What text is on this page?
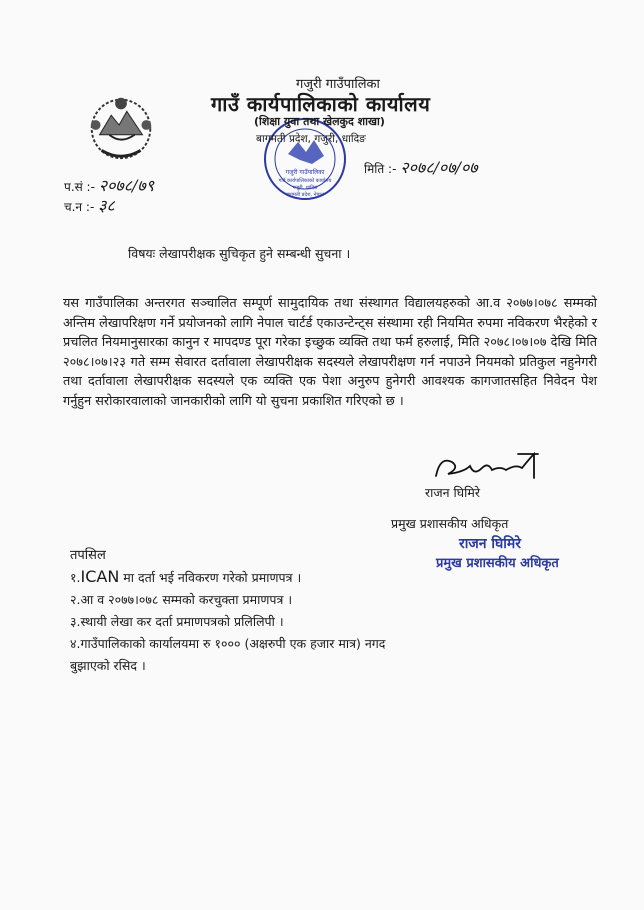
गजुरी गाउँपालिका
गाउँ कार्यपालिकाको कार्यालय
गजुरी, धादिङ
बागमती प्रदेश, नेपाल
गजुरी गाउँपालिका
गाउँ कार्यपालिकाको कार्यालय
(शिक्षा युवा तथा खेलकुद शाखा)
बागमती प्रदेश, गजुरी, धादिङ
प.सं :- २०७८/७९
च.न :- ३८
मिति :- २०७८/०७/०७
विषयः लेखापरीक्षक सुचिकृत हुने सम्बन्धी सुचना ।
यस गाउँपालिका अन्तरगत सञ्चालित सम्पूर्ण सामुदायिक तथा संस्थागत विद्यालयहरुको आ.व २०७७।०७८ सम्मको अन्तिम लेखापरिक्षण गर्ने प्रयोजनको लागि नेपाल चार्टर्ड एकाउन्टेन्ट्स संस्थामा रही नियमित रुपमा नविकरण भैरहेको र प्रचलित नियमानुसारका कानुन र मापदण्ड पूरा गरेका इच्छुक व्यक्ति तथा फर्म हरुलाई, मिति २०७८।०७।०७ देखि मिति २०७८।०७।२३ गते सम्म सेवारत दर्तावाला लेखापरीक्षक सदस्यले लेखापरीक्षण गर्न नपाउने नियमको प्रतिकुल नहुनेगरी तथा दर्तावाला लेखापरीक्षक सदस्यले एक व्यक्ति एक पेशा अनुरुप हुनेगरी आवश्यक कागजातसहित निवेदन पेश गर्नुहुन सरोकारवालाको जानकारीको लागि यो सुचना प्रकाशित गरिएको छ ।
राजन घिमिरे
प्रमुख प्रशासकीय अधिकृत
राजन घिमिरे
प्रमुख प्रशासकीय अधिकृत
तपसिल
१.ICAN मा दर्ता भई नविकरण गरेको प्रमाणपत्र ।
२.आ व २०७७।०७८ सम्मको करचुक्ता प्रमाणपत्र ।
३.स्थायी लेखा कर दर्ता प्रमाणपत्रको प्रलिलिपी ।
४.गाउँपालिकाको कार्यालयमा रु १००० (अक्षरुपी एक हजार मात्र) नगद
बुझाएको रसिद ।
